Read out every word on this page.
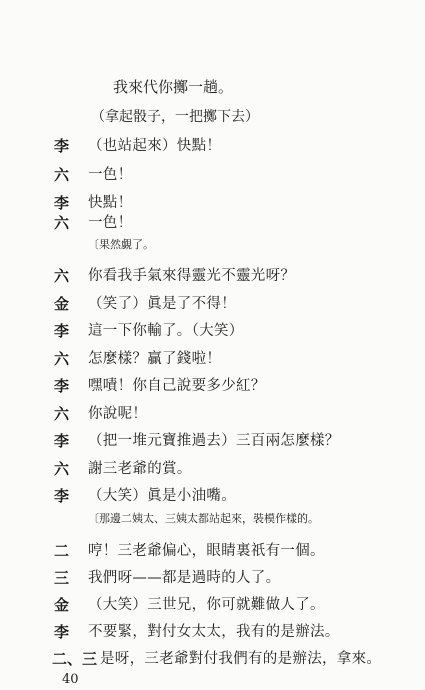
我來代你擲一趟。
（拿起骰子，一把擲下去）
李	（也站起來）快點！
六	一色！
李	快點！
六	一色！
〔果然覷了。
六	你看我手氣來得靈光不靈光呀？
金	（笑了）眞是了不得！
李	這一下你輸了。（大笑）
六	怎麼樣？贏了錢啦！
李	嘿嘖！你自己說要多少紅？
六	你說呢！
李	（把一堆元寶推過去）三百兩怎麼樣？
六	謝三老爺的賞。
李	（大笑）眞是小油嘴。
〔那邊二姨太、三姨太都站起來，裝模作樣的。
二	哼！三老爺偏心，眼睛裏祇有一個。
三	我們呀——都是過時的人了。
金	（大笑）三世兄，你可就難做人了。
李	不要緊，對付女太太，我有的是辦法。
二、三 是呀，三老爺對付我們有的是辦法，拿來。
40
